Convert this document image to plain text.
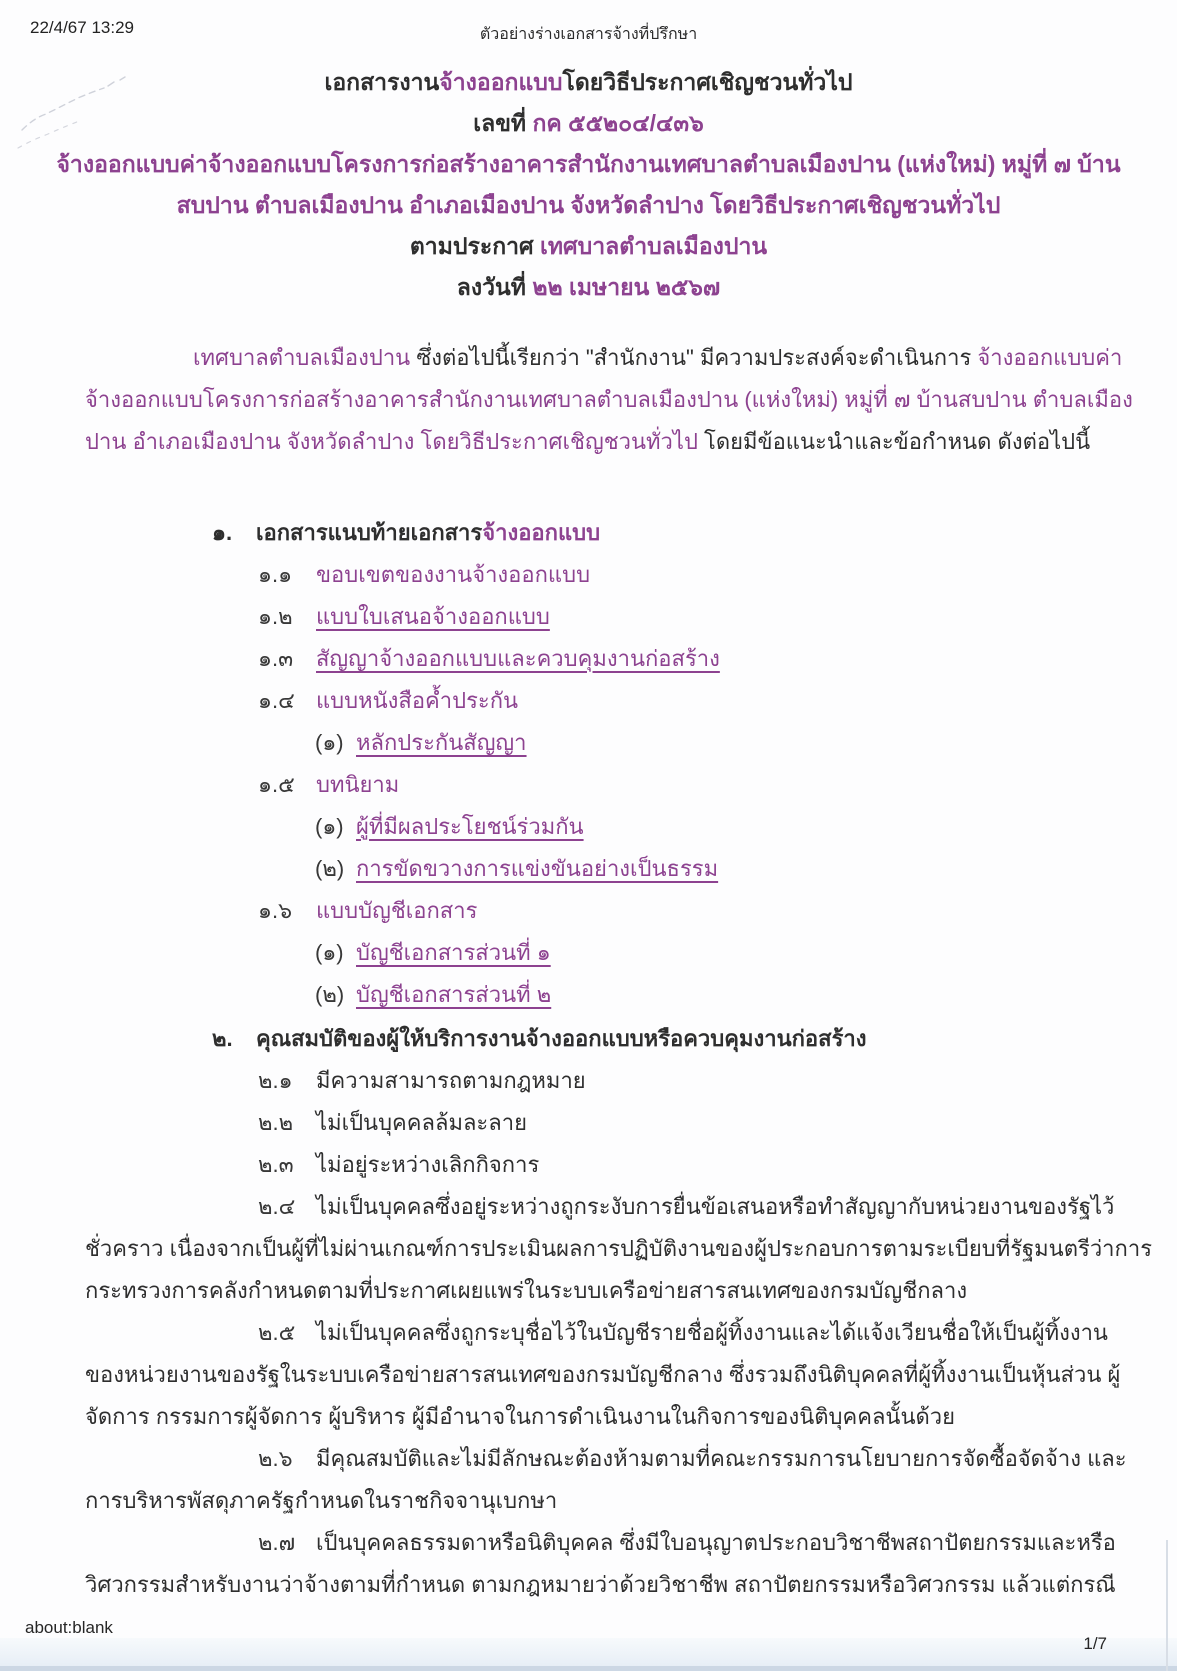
22/4/67 13:29	ตัวอย่างร่างเอกสารจ้างที่ปรึกษา
เอกสารงานจ้างออกแบบโดยวิธีประกาศเชิญชวนทั่วไป
เลขที่ กค ๕๕๒๐๔/๔๓๖
จ้างออกแบบค่าจ้างออกแบบโครงการก่อสร้างอาคารสำนักงานเทศบาลตำบลเมืองปาน (แห่งใหม่) หมู่ที่ ๗ บ้าน
สบปาน ตำบลเมืองปาน อำเภอเมืองปาน จังหวัดลำปาง โดยวิธีประกาศเชิญชวนทั่วไป
ตามประกาศ เทศบาลตำบลเมืองปาน
ลงวันที่ ๒๒ เมษายน ๒๕๖๗
เทศบาลตำบลเมืองปาน ซึ่งต่อไปนี้เรียกว่า "สำนักงาน" มีความประสงค์จะดำเนินการ จ้างออกแบบค่า
จ้างออกแบบโครงการก่อสร้างอาคารสำนักงานเทศบาลตำบลเมืองปาน (แห่งใหม่) หมู่ที่ ๗ บ้านสบปาน ตำบลเมือง
ปาน อำเภอเมืองปาน จังหวัดลำปาง โดยวิธีประกาศเชิญชวนทั่วไป โดยมีข้อแนะนำและข้อกำหนด ดังต่อไปนี้
๑. เอกสารแนบท้ายเอกสารจ้างออกแบบ
๑.๑ ขอบเขตของงานจ้างออกแบบ
๑.๒ แบบใบเสนอจ้างออกแบบ
๑.๓ สัญญาจ้างออกแบบและควบคุมงานก่อสร้าง
๑.๔ แบบหนังสือค้ำประกัน
(๑) หลักประกันสัญญา
๑.๕ บทนิยาม
(๑) ผู้ที่มีผลประโยชน์ร่วมกัน
(๒) การขัดขวางการแข่งขันอย่างเป็นธรรม
๑.๖ แบบบัญชีเอกสาร
(๑) บัญชีเอกสารส่วนที่ ๑
(๒) บัญชีเอกสารส่วนที่ ๒
๒. คุณสมบัติของผู้ให้บริการงานจ้างออกแบบหรือควบคุมงานก่อสร้าง
๒.๑ มีความสามารถตามกฎหมาย
๒.๒ ไม่เป็นบุคคลล้มละลาย
๒.๓ ไม่อยู่ระหว่างเลิกกิจการ
๒.๔ ไม่เป็นบุคคลซึ่งอยู่ระหว่างถูกระงับการยื่นข้อเสนอหรือทำสัญญากับหน่วยงานของรัฐไว้
ชั่วคราว เนื่องจากเป็นผู้ที่ไม่ผ่านเกณฑ์การประเมินผลการปฏิบัติงานของผู้ประกอบการตามระเบียบที่รัฐมนตรีว่าการ
กระทรวงการคลังกำหนดตามที่ประกาศเผยแพร่ในระบบเครือข่ายสารสนเทศของกรมบัญชีกลาง
๒.๕ ไม่เป็นบุคคลซึ่งถูกระบุชื่อไว้ในบัญชีรายชื่อผู้ทิ้งงานและได้แจ้งเวียนชื่อให้เป็นผู้ทิ้งงาน
ของหน่วยงานของรัฐในระบบเครือข่ายสารสนเทศของกรมบัญชีกลาง ซึ่งรวมถึงนิติบุคคลที่ผู้ทิ้งงานเป็นหุ้นส่วน ผู้
จัดการ กรรมการผู้จัดการ ผู้บริหาร ผู้มีอำนาจในการดำเนินงานในกิจการของนิติบุคคลนั้นด้วย
๒.๖ มีคุณสมบัติและไม่มีลักษณะต้องห้ามตามที่คณะกรรมการนโยบายการจัดซื้อจัดจ้าง และ
การบริหารพัสดุภาครัฐกำหนดในราชกิจจานุเบกษา
๒.๗ เป็นบุคคลธรรมดาหรือนิติบุคคล ซึ่งมีใบอนุญาตประกอบวิชาชีพสถาปัตยกรรมและหรือ
วิศวกรรมสำหรับงานว่าจ้างตามที่กำหนด ตามกฎหมายว่าด้วยวิชาชีพ สถาปัตยกรรมหรือวิศวกรรม แล้วแต่กรณี
about:blank
1/7
